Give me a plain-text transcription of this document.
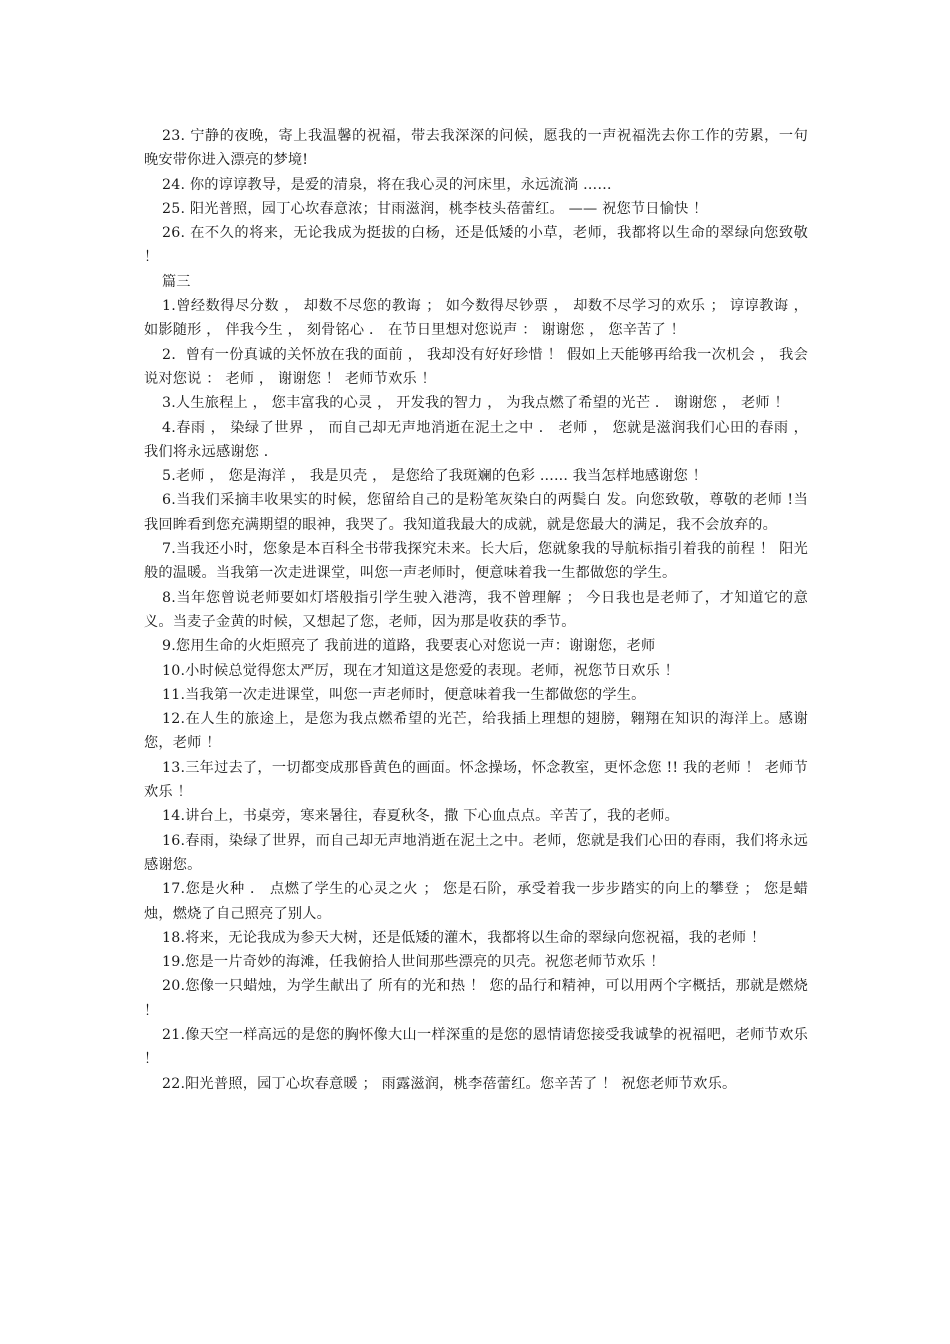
23. 宁静的夜晚，寄上我温馨的祝福，带去我深深的问候，愿我的一声祝福洗去你工作的劳累，一句晚安带你进入漂亮的梦境!

24. 你的谆谆教导，是爱的清泉，将在我心灵的河床里，永远流淌 ……

25. 阳光普照，园丁心坎春意浓；甘雨滋润，桃李枝头蓓蕾红。 —— 祝您节日愉快 ！

26. 在不久的将来，无论我成为挺拔的白杨，还是低矮的小草，老师，我都将以生命的翠绿向您致敬 ！

篇三

1.曾经数得尽分数 ， 却数不尽您的教诲 ； 如今数得尽钞票 ， 却数不尽学习的欢乐 ； 谆谆教诲 ， 如影随形 ， 伴我今生 ， 刻骨铭心 ． 在节日里想对您说声 ： 谢谢您 ， 您辛苦了 ！

2．曾有一份真诚的关怀放在我的面前 ， 我却没有好好珍惜 ！ 假如上天能够再给我一次机会 ， 我会说对您说 ： 老师 ， 谢谢您 ！ 老师节欢乐 ！

3.人生旅程上 ， 您丰富我的心灵 ， 开发我的智力 ， 为我点燃了希望的光芒 ． 谢谢您 ， 老师 ！

4.春雨 ， 染绿了世界 ， 而自己却无声地消逝在泥土之中 ． 老师 ， 您就是滋润我们心田的春雨 ， 我们将永远感谢您 ．

5.老师 ， 您是海洋 ， 我是贝壳 ， 是您给了我斑斓的色彩 ...... 我当怎样地感谢您 ！

6.当我们采摘丰收果实的时候，您留给自己的是粉笔灰染白的两鬓白 发。向您致敬，尊敬的老师 !当我回眸看到您充满期望的眼神，我哭了。我知道我最大的成就，就是您最大的满足，我不会放弃的。

7.当我还小时，您象是本百科全书带我探究未来。长大后，您就象我的导航标指引着我的前程 ！ 阳光般的温暖。当我第一次走进课堂，叫您一声老师时，便意味着我一生都做您的学生。

8.当年您曾说老师要如灯塔般指引学生驶入港湾，我不曾理解 ； 今日我也是老师了，才知道它的意义。当麦子金黄的时候，又想起了您，老师，因为那是收获的季节。

9.您用生命的火炬照亮了 我前进的道路，我要衷心对您说一声：谢谢您，老师

10.小时候总觉得您太严厉，现在才知道这是您爱的表现。老师，祝您节日欢乐 ！

11.当我第一次走进课堂，叫您一声老师时，便意味着我一生都做您的学生。

12.在人生的旅途上，是您为我点燃希望的光芒，给我插上理想的翅膀，翱翔在知识的海洋上。感谢您，老师 ！

13.三年过去了，一切都变成那昏黄色的画面。怀念操场，怀念教室，更怀念您 !! 我的老师 ！ 老师节欢乐 ！

14.讲台上，书桌旁，寒来暑往，春夏秋冬，撒 下心血点点。辛苦了，我的老师。

16.春雨，染绿了世界，而自己却无声地消逝在泥土之中。老师，您就是我们心田的春雨，我们将永远感谢您。

17.您是火种 ． 点燃了学生的心灵之火 ； 您是石阶，承受着我一步步踏实的向上的攀登 ； 您是蜡烛，燃烧了自己照亮了别人。

18.将来，无论我成为参天大树，还是低矮的灌木，我都将以生命的翠绿向您祝福，我的老师 ！

19.您是一片奇妙的海滩，任我俯拾人世间那些漂亮的贝壳。祝您老师节欢乐 ！

20.您像一只蜡烛，为学生献出了 所有的光和热 ！ 您的品行和精神，可以用两个字概括，那就是燃烧 ！

21.像天空一样高远的是您的胸怀像大山一样深重的是您的恩情请您接受我诚挚的祝福吧，老师节欢乐 ！

22.阳光普照，园丁心坎春意暖 ； 雨露滋润，桃李蓓蕾红。您辛苦了 ！ 祝您老师节欢乐。
